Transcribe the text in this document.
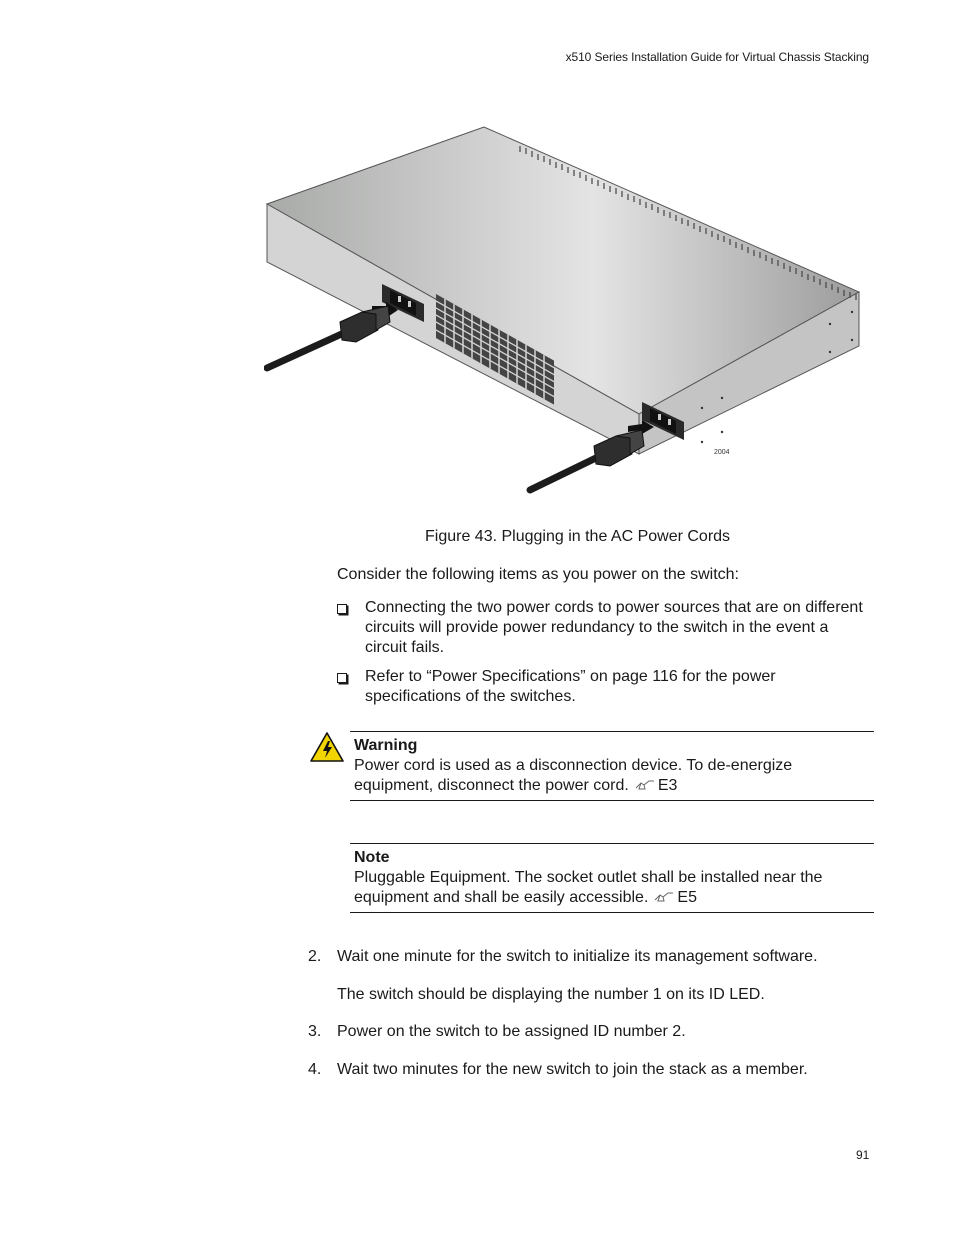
x510 Series Installation Guide for Virtual Chassis Stacking
2004
Figure 43. Plugging in the AC Power Cords
Consider the following items as you power on the switch:
Connecting the two power cords to power sources that are on different circuits will provide power redundancy to the switch in the event a circuit fails.
Refer to “Power Specifications” on page 116 for the power specifications of the switches.
Warning
Power cord is used as a disconnection device. To de-energize equipment, disconnect the power cord. E3
Note
Pluggable Equipment. The socket outlet shall be installed near the equipment and shall be easily accessible. E5
2. Wait one minute for the switch to initialize its management software.
The switch should be displaying the number 1 on its ID LED.
3. Power on the switch to be assigned ID number 2.
4. Wait two minutes for the new switch to join the stack as a member.
91
